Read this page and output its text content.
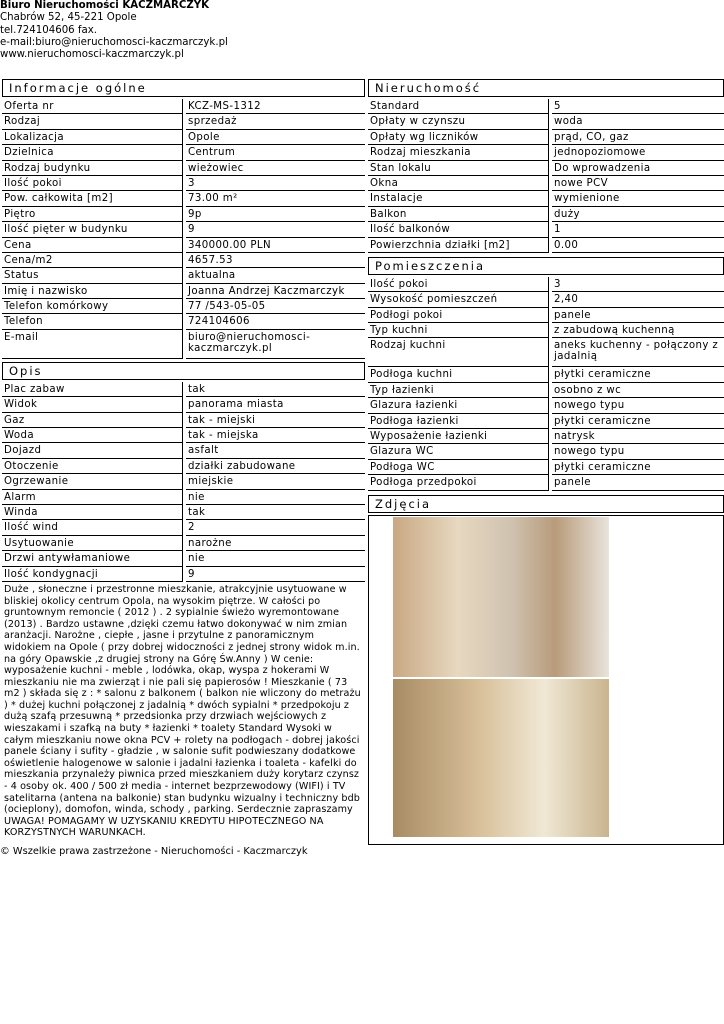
Biuro Nieruchomości KACZMARCZYK
Chabrów 52, 45-221 Opole
tel.724104606 fax.
e-mail:biuro@nieruchomosci-kaczmarczyk.pl
www.nieruchomosci-kaczmarczyk.pl
Informacje ogólne
Oferta nr	KCZ-MS-1312
Rodzaj	sprzedaż
Lokalizacja	Opole
Dzielnica	Centrum
Rodzaj budynku	wieżowiec
Ilość pokoi	3
Pow. całkowita [m2]	73.00 m²
Piętro	9p
Ilość pięter w budynku	9
Cena	340000.00 PLN
Cena/m2	4657.53
Status	aktualna
Imię i nazwisko	Joanna Andrzej Kaczmarczyk
Telefon komórkowy	77 /543-05-05
Telefon	724104606
E-mail	biuro@nieruchomosci-kaczmarczyk.pl
Opis
Plac zabaw	tak
Widok	panorama miasta
Gaz	tak - miejski
Woda	tak - miejska
Dojazd	asfalt
Otoczenie	działki zabudowane
Ogrzewanie	miejskie
Alarm	nie
Winda	tak
Ilość wind	2
Usytuowanie	narożne
Drzwi antywłamaniowe	nie
Ilość kondygnacji	9
Duże , słoneczne i przestronne mieszkanie, atrakcyjnie usytuowane w bliskiej okolicy centrum Opola, na wysokim piętrze. W całości po gruntownym remoncie ( 2012 ) . 2 sypialnie świeżo wyremontowane (2013) . Bardzo ustawne ,dzięki czemu łatwo dokonywać w nim zmian aranżacji. Narożne , ciepłe , jasne i przytulne z panoramicznym widokiem na Opole ( przy dobrej widoczności z jednej strony widok m.in. na góry Opawskie ,z drugiej strony na Górę Św.Anny ) W cenie: wyposażenie kuchni - meble , lodówka, okap, wyspa z hokerami W mieszkaniu nie ma zwierząt i nie pali się papierosów ! Mieszkanie ( 73 m2 ) składa się z : * salonu z balkonem ( balkon nie wliczony do metrażu ) * dużej kuchni połączonej z jadalnią * dwóch sypialni * przedpokoju z dużą szafą przesuwną * przedsionka przy drzwiach wejściowych z wieszakami i szafką na buty * łazienki * toalety Standard Wysoki w całym mieszkaniu nowe okna PCV + rolety na podłogach - dobrej jakości panele ściany i sufity - gładzie , w salonie sufit podwieszany dodatkowe oświetlenie halogenowe w salonie i jadalni łazienka i toaleta - kafelki do mieszkania przynależy piwnica przed mieszkaniem duży korytarz czynsz - 4 osoby ok. 400 / 500 zł media - internet bezprzewodowy (WIFI) i TV satelitarna (antena na balkonie) stan budynku wizualny i techniczny bdb (ocieplony), domofon, winda, schody , parking. Serdecznie zapraszamy UWAGA! POMAGAMY W UZYSKANIU KREDYTU HIPOTECZNEGO NA KORZYSTNYCH WARUNKACH.
Nieruchomość
Standard	5
Opłaty w czynszu	woda
Opłaty wg liczników	prąd, CO, gaz
Rodzaj mieszkania	jednopoziomowe
Stan lokalu	Do wprowadzenia
Okna	nowe PCV
Instalacje	wymienione
Balkon	duży
Ilość balkonów	1
Powierzchnia działki [m2]	0.00
Pomieszczenia
Ilość pokoi	3
Wysokość pomieszczeń	2,40
Podłogi pokoi	panele
Typ kuchni	z zabudową kuchenną
Rodzaj kuchni	aneks kuchenny - połączony z jadalnią
Podłoga kuchni	płytki ceramiczne
Typ łazienki	osobno z wc
Glazura łazienki	nowego typu
Podłoga łazienki	płytki ceramiczne
Wyposażenie łazienki	natrysk
Glazura WC	nowego typu
Podłoga WC	płytki ceramiczne
Podłoga przedpokoi	panele
Zdjęcia
© Wszelkie prawa zastrzeżone - Nieruchomości - Kaczmarczyk
